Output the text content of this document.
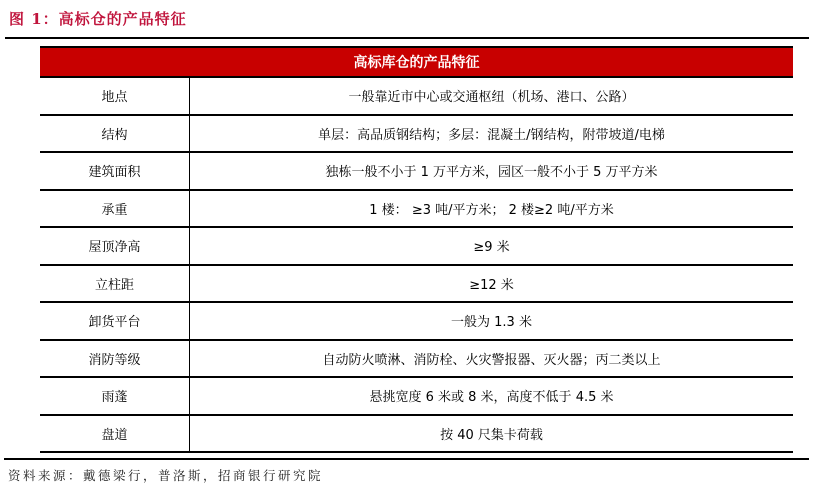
图 1：高标仓的产品特征
高标库仓的产品特征
地点	一般靠近市中心或交通枢纽（机场、港口、公路）
结构	单层：高品质钢结构；多层：混凝土/钢结构，附带坡道/电梯
建筑面积	独栋一般不小于 1 万平方米，园区一般不小于 5 万平方米
承重	1 楼： ≥3 吨/平方米； 2 楼≥2 吨/平方米
屋顶净高	≥9 米
立柱距	≥12 米
卸货平台	一般为 1.3 米
消防等级	自动防火喷淋、消防栓、火灾警报器、灭火器；丙二类以上
雨蓬	悬挑宽度 6 米或 8 米，高度不低于 4.5 米
盘道	按 40 尺集卡荷载
资料来源：戴德梁行，普洛斯，招商银行研究院
